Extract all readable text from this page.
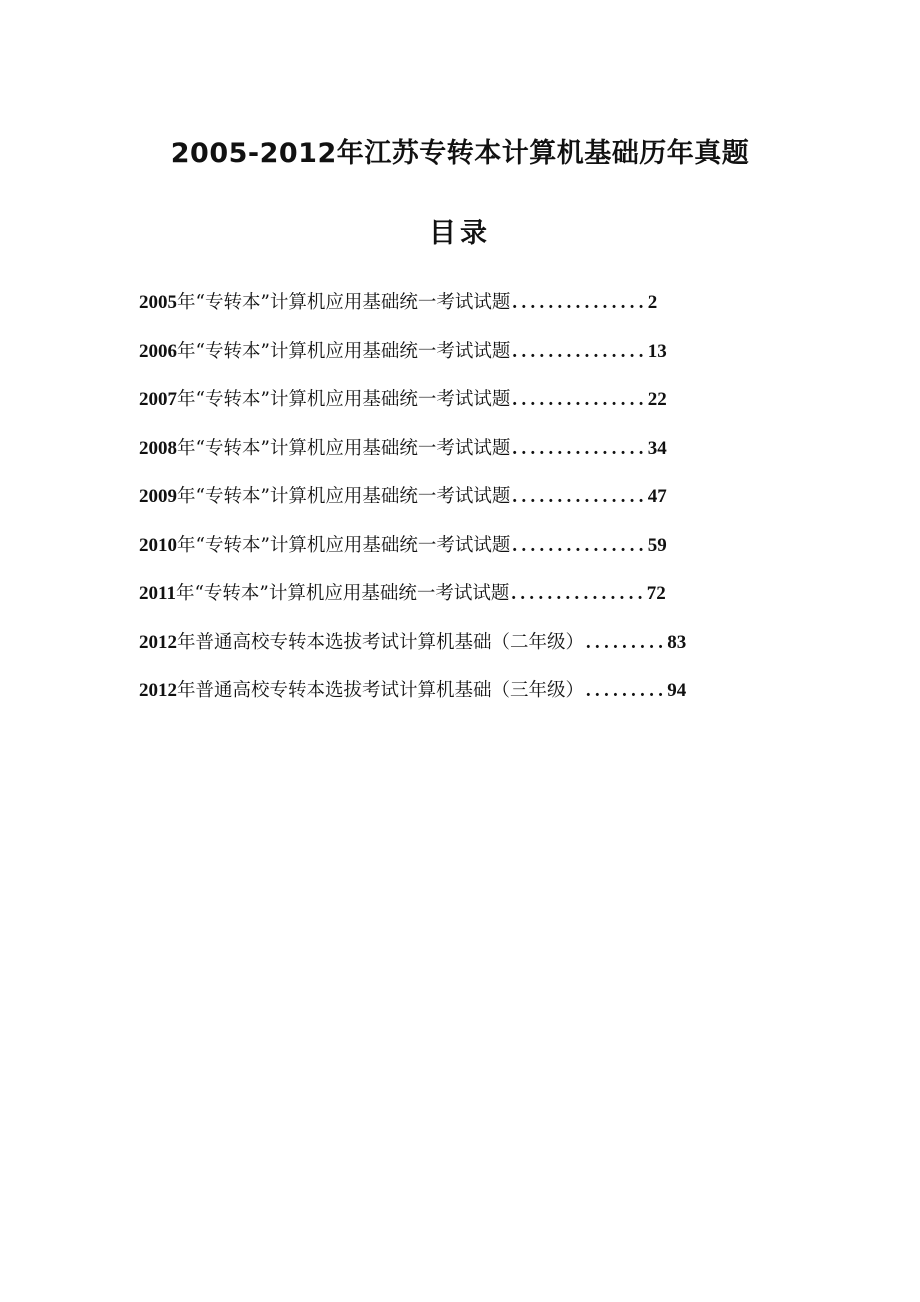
2005-2012年江苏专转本计算机基础历年真题
目录
2005 年“专转本”计算机应用基础统一考试试题 ............... 2
2006 年“专转本”计算机应用基础统一考试试题 ............... 13
2007 年“专转本”计算机应用基础统一考试试题 ............... 22
2008 年“专转本”计算机应用基础统一考试试题 ............... 34
2009 年“专转本”计算机应用基础统一考试试题 ............... 47
2010 年“专转本”计算机应用基础统一考试试题 ............... 59
2011 年“专转本”计算机应用基础统一考试试题 ............... 72
2012 年普通高校专转本选拔考试计算机基础（二年级） ......... 83
2012 年普通高校专转本选拔考试计算机基础（三年级） ......... 94
